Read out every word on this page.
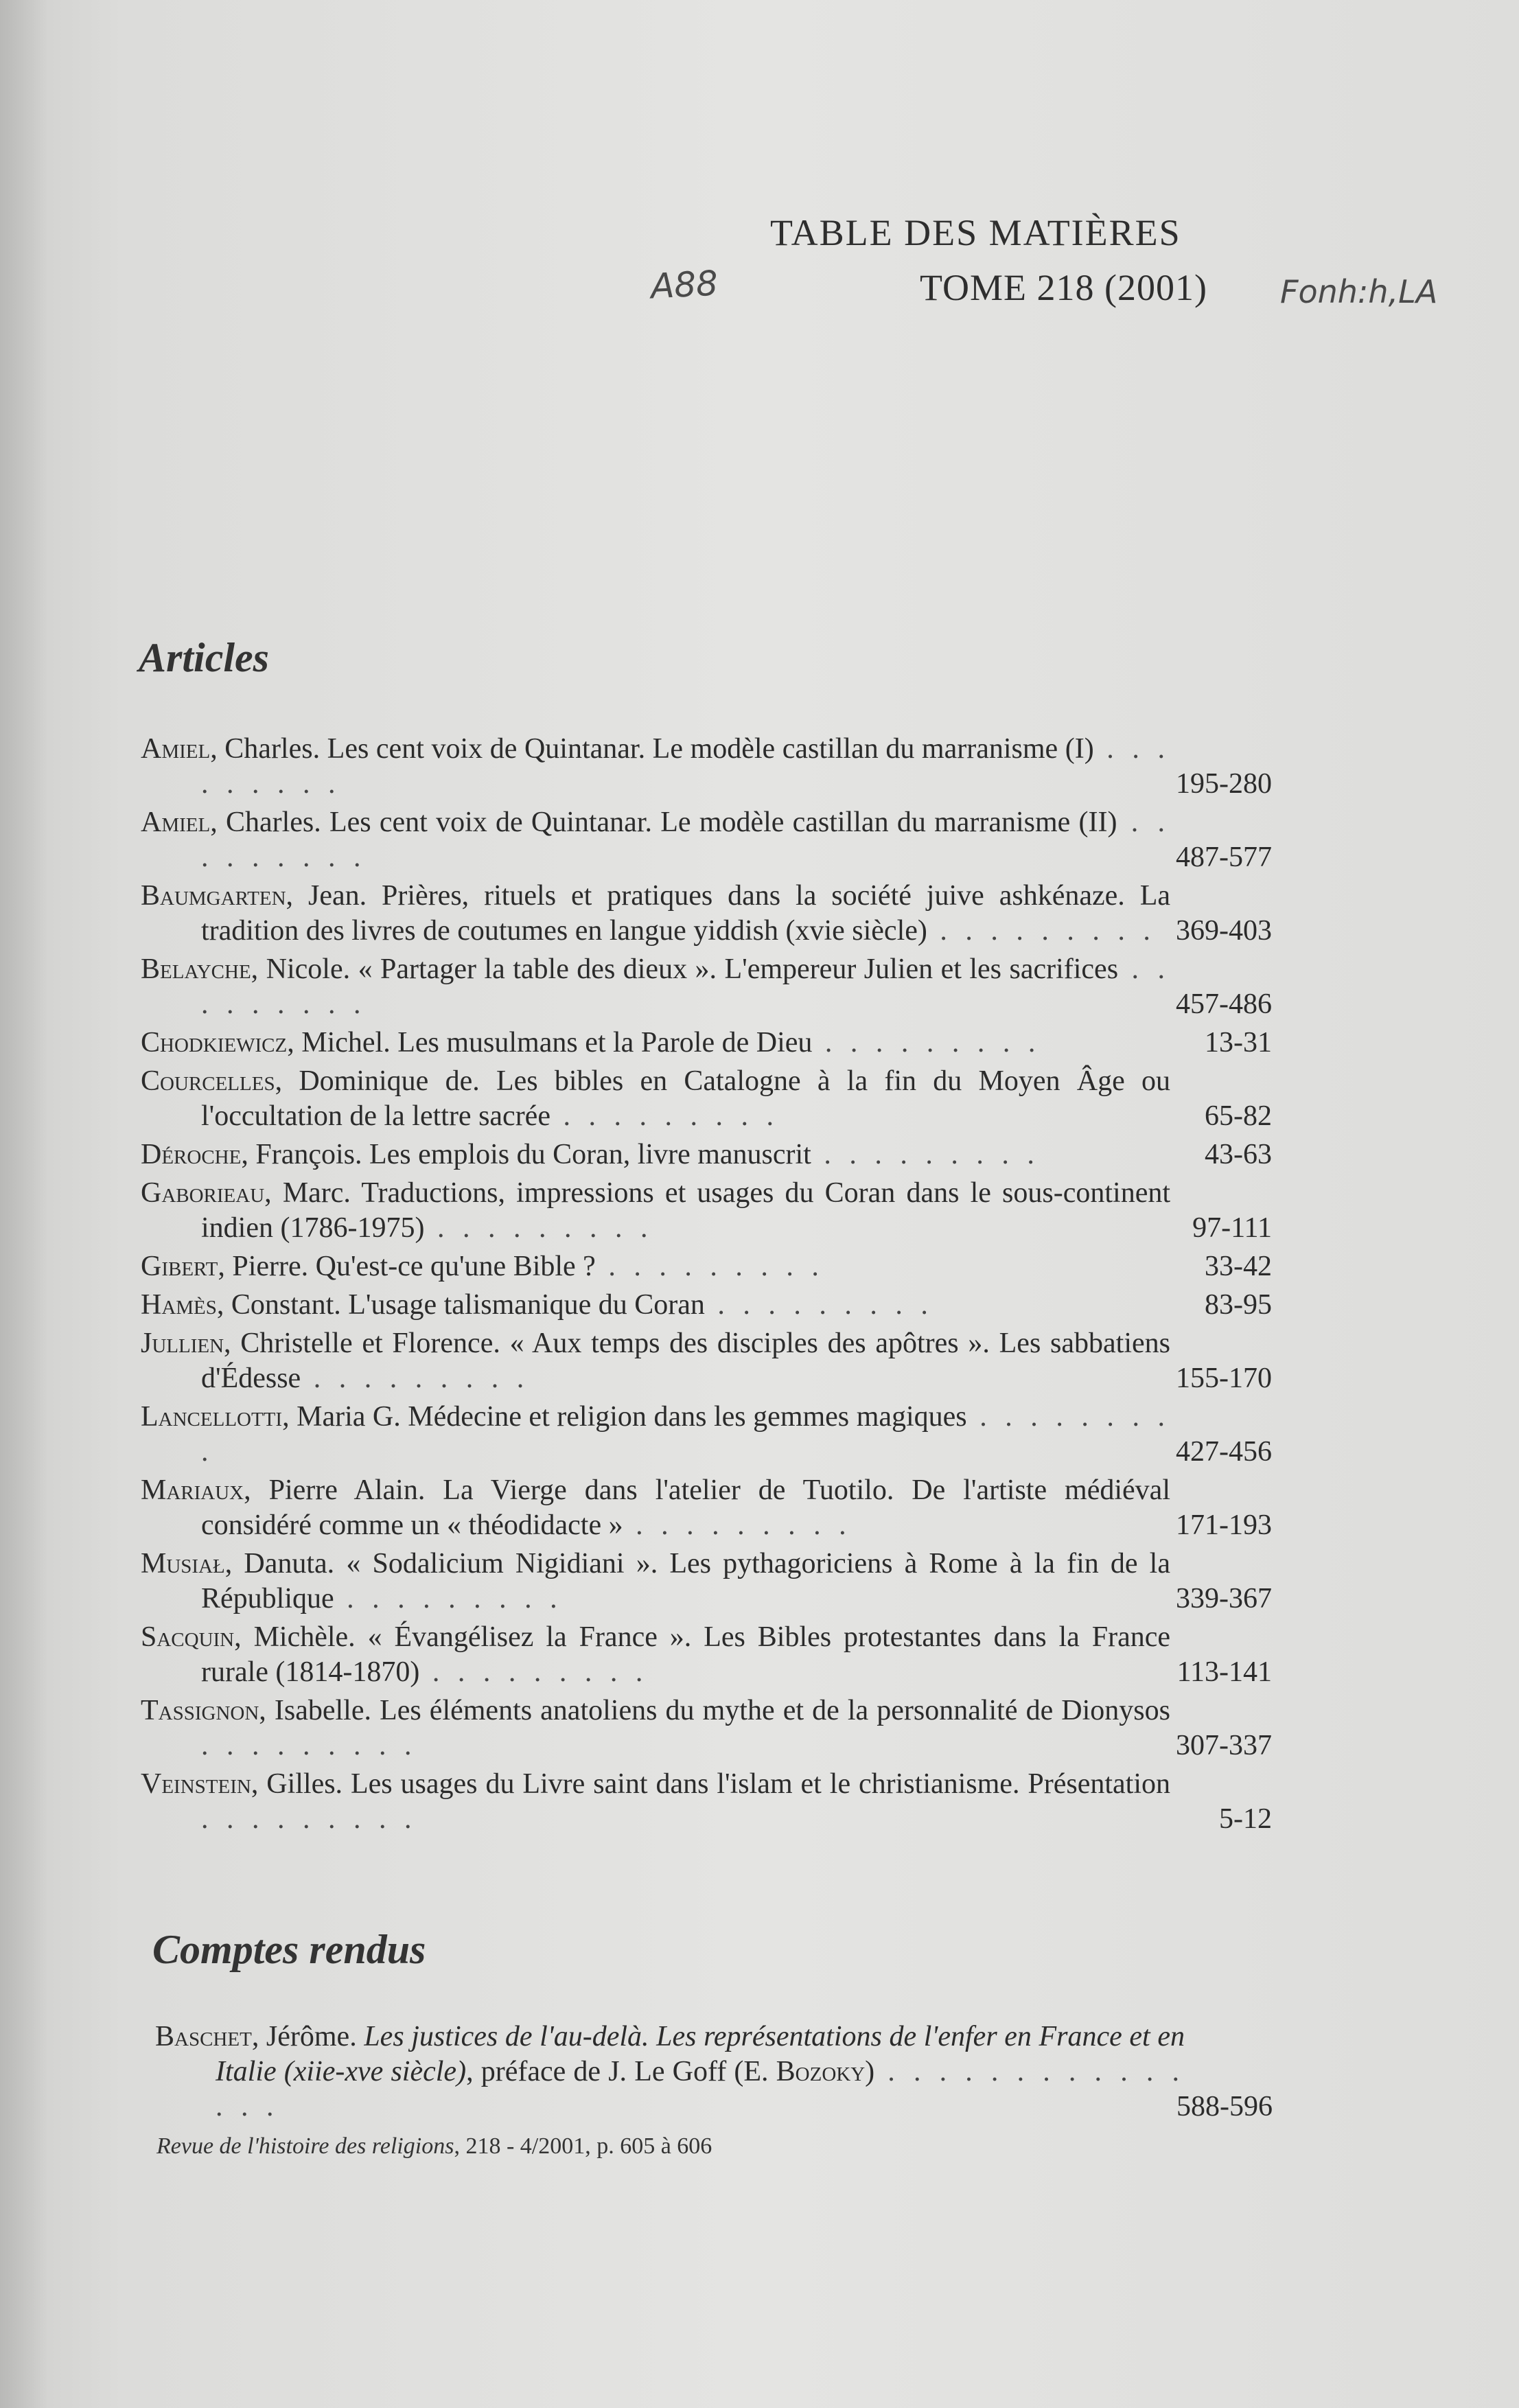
TABLE DES MATIÈRES
A88	TOME 218 (2001) Fonh:h,LA
Articles
Amiel, Charles. Les cent voix de Quintanar. Le modèle castillan du marranisme (I) . . . . . . . . .	195-280
Amiel, Charles. Les cent voix de Quintanar. Le modèle castillan du marranisme (II) . . . . . . . . .	487-577
Baumgarten, Jean. Prières, rituels et pratiques dans la société juive ashkénaze. La tradition des livres de coutumes en langue yiddish (xvie siècle) . . . . . . . . . 369-403
Belayche, Nicole. « Partager la table des dieux ». L'empereur Julien et les sacrifices . . . . . . . . .	457-486
Chodkiewicz, Michel. Les musulmans et la Parole de Dieu . . . . . . . . .	13-31
Courcelles, Dominique de. Les bibles en Catalogne à la fin du Moyen Âge ou l'occultation de la lettre sacrée . . . . . . . . .	65-82
Déroche, François. Les emplois du Coran, livre manuscrit . . . . . . . . .	43-63
Gaborieau, Marc. Traductions, impressions et usages du Coran dans le sous-continent indien (1786-1975) . . . . . . . . .	97-111
Gibert, Pierre. Qu'est-ce qu'une Bible ? . . . . . . . . .	33-42
Hamès, Constant. L'usage talismanique du Coran . . . . . . . . .	83-95
Jullien, Christelle et Florence. « Aux temps des disciples des apôtres ». Les sabbatiens d'Édesse . . . . . . . . .	155-170
Lancellotti, Maria G. Médecine et religion dans les gemmes magiques . . . . . . . . .	427-456
Mariaux, Pierre Alain. La Vierge dans l'atelier de Tuotilo. De l'artiste médiéval considéré comme un « théodidacte » . . . . . . . . .	171-193
Musiał, Danuta. « Sodalicium Nigidiani ». Les pythagoriciens à Rome à la fin de la République . . . . . . . . .	339-367
Sacquin, Michèle. « Évangélisez la France ». Les Bibles protestantes dans la France rurale (1814-1870) . . . . . . . . .	113-141
Tassignon, Isabelle. Les éléments anatoliens du mythe et de la personnalité de Dionysos . . . . . . . . .	307-337
Veinstein, Gilles. Les usages du Livre saint dans l'islam et le christianisme. Présentation . . . . . . . . .	5-12
Comptes rendus
Baschet, Jérôme. Les justices de l'au-delà. Les représentations de l'enfer en France et en Italie (xiie-xve siècle), préface de J. Le Goff (E. Bozoky) . . . . . . . . . . . . . . .	588-596
Revue de l'histoire des religions, 218 - 4/2001, p. 605 à 606
